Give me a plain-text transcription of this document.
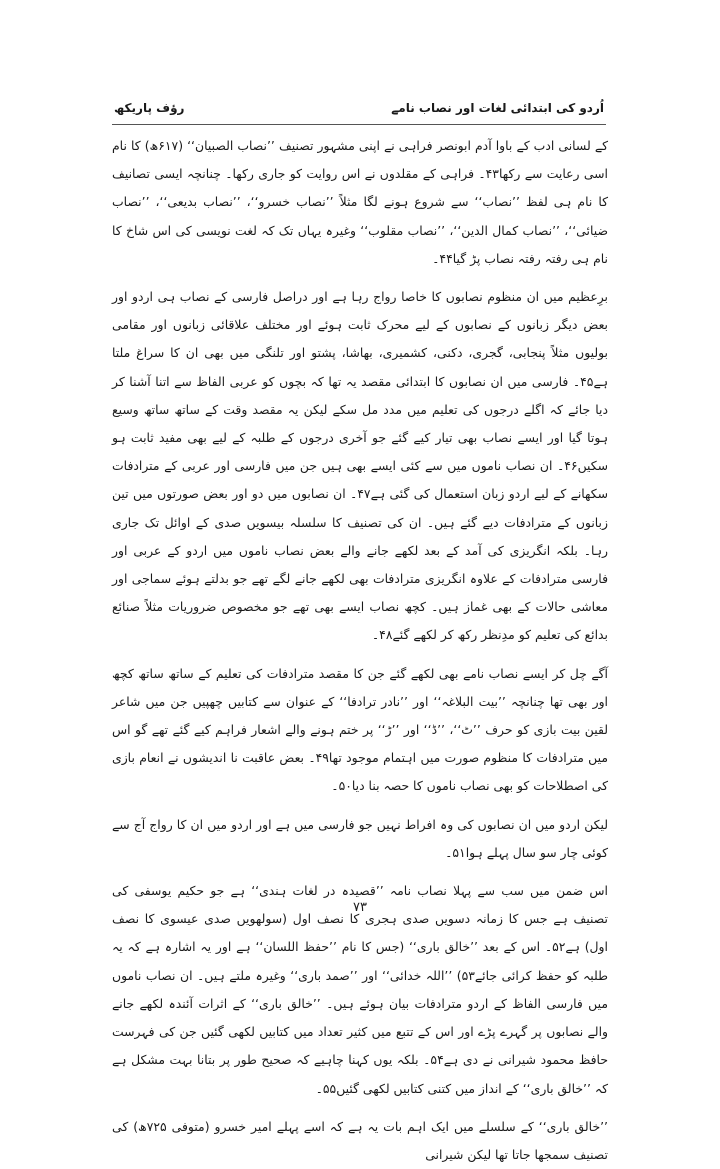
اُردو کی ابتدائی لغات اور نصاب نامے
رؤف پاریکھ

کے لسانی ادب کے باوا آدم ابونصر فراہی نے اپنی مشہور تصنیف ’’نصاب الصبیان‘‘ (۶۱۷ھ) کا نام اسی رعایت سے رکھا۴۳۔ فراہی کے مقلدوں نے اس روایت کو جاری رکھا۔ چنانچہ ایسی تصانیف کا نام ہی لفظ ’’نصاب‘‘ سے شروع ہونے لگا مثلاً ’’نصاب خسرو‘‘، ’’نصاب بدیعی‘‘، ’’نصاب ضیائی‘‘، ’’نصاب کمال الدین‘‘، ’’نصاب مقلوب‘‘ وغیرہ یہاں تک کہ لغت نویسی کی اس شاخ کا نام ہی رفتہ رفتہ نصاب پڑ گیا۴۴۔

برِعظیم میں ان منظوم نصابوں کا خاصا رواج رہا ہے اور دراصل فارسی کے نصاب ہی اردو اور بعض دیگر زبانوں کے نصابوں کے لیے محرک ثابت ہوئے اور مختلف علاقائی زبانوں اور مقامی بولیوں مثلاً پنجابی، گجری، دکنی، کشمیری، بھاشا، پشتو اور تلنگی میں بھی ان کا سراغ ملتا ہے۴۵۔ فارسی میں ان نصابوں کا ابتدائی مقصد یہ تھا کہ بچوں کو عربی الفاظ سے اتنا آشنا کر دیا جائے کہ اگلے درجوں کی تعلیم میں مدد مل سکے لیکن یہ مقصد وقت کے ساتھ ساتھ وسیع ہوتا گیا اور ایسے نصاب بھی تیار کیے گئے جو آخری درجوں کے طلبہ کے لیے بھی مفید ثابت ہو سکیں۴۶۔ ان نصاب ناموں میں سے کئی ایسے بھی ہیں جن میں فارسی اور عربی کے مترادفات سکھانے کے لیے اردو زبان استعمال کی گئی ہے۴۷۔ ان نصابوں میں دو اور بعض صورتوں میں تین زبانوں کے مترادفات دیے گئے ہیں۔ ان کی تصنیف کا سلسلہ بیسویں صدی کے اوائل تک جاری رہا۔ بلکہ انگریزی کی آمد کے بعد لکھے جانے والے بعض نصاب ناموں میں اردو کے عربی اور فارسی مترادفات کے علاوہ انگریزی مترادفات بھی لکھے جانے لگے تھے جو بدلتے ہوئے سماجی اور معاشی حالات کے بھی غماز ہیں۔ کچھ نصاب ایسے بھی تھے جو مخصوص ضروریات مثلاً صنائع بدائع کی تعلیم کو مدِنظر رکھ کر لکھے گئے۴۸۔

آگے چل کر ایسے نصاب نامے بھی لکھے گئے جن کا مقصد مترادفات کی تعلیم کے ساتھ ساتھ کچھ اور بھی تھا چنانچہ ’’بیت البلاغہ‘‘ اور ’’نادر ترادفا‘‘ کے عنوان سے کتابیں چھپیں جن میں شاعر لقین بیت بازی کو حرف ’’ٹ‘‘، ’’ڈ‘‘ اور ’’ڑ‘‘ پر ختم ہونے والے اشعار فراہم کیے گئے تھے گو اس میں مترادفات کا منظوم صورت میں اہتمام موجود تھا۴۹۔ بعض عاقبت نا اندیشوں نے انعام بازی کی اصطلاحات کو بھی نصاب ناموں کا حصہ بنا دیا۵۰۔

لیکن اردو میں ان نصابوں کی وہ افراط نہیں جو فارسی میں ہے اور اردو میں ان کا رواج آج سے کوئی چار سو سال پہلے ہوا۵۱۔

اس ضمن میں سب سے پہلا نصاب نامہ ’’قصیدہ در لغات ہندی‘‘ ہے جو حکیم یوسفی کی تصنیف ہے جس کا زمانہ دسویں صدی ہجری کا نصف اول (سولھویں صدی عیسوی کا نصف اول) ہے۵۲۔ اس کے بعد ’’خالق باری‘‘ (جس کا نام ’’حفظ اللسان‘‘ ہے اور یہ اشارہ ہے کہ یہ طلبہ کو حفظ کرائی جائے۵۳) ’’اللہ خدائی‘‘ اور ’’صمد باری‘‘ وغیرہ ملتے ہیں۔ ان نصاب ناموں میں فارسی الفاظ کے اردو مترادفات بیان ہوئے ہیں۔ ’’خالق باری‘‘ کے اثرات آئندہ لکھے جانے والے نصابوں پر گہرے پڑے اور اس کے تتبع میں کثیر تعداد میں کتابیں لکھی گئیں جن کی فہرست حافظ محمود شیرانی نے دی ہے۵۴۔ بلکہ یوں کہنا چاہیے کہ صحیح طور پر بتانا بہت مشکل ہے کہ ’’خالق باری‘‘ کے انداز میں کتنی کتابیں لکھی گئیں۵۵۔

’’خالق باری‘‘ کے سلسلے میں ایک اہم بات یہ ہے کہ اسے پہلے امیر خسرو (متوفی ۷۲۵ھ) کی تصنیف سمجھا جاتا تھا لیکن شیرانی

۷۳
